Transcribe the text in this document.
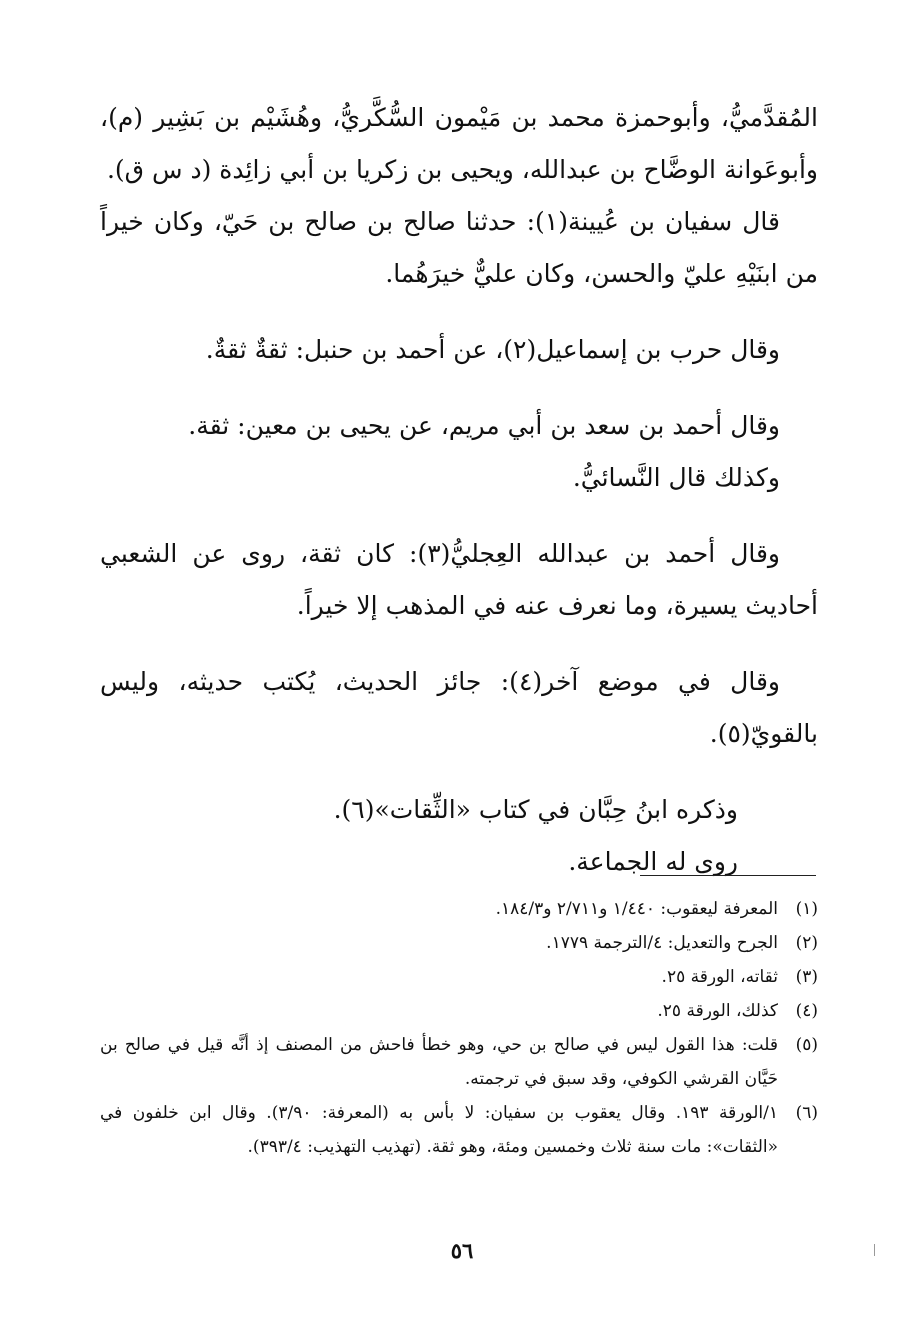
المُقدَّميُّ، وأبوحمزة محمد بن مَيْمون السُّكَّريُّ، وهُشَيْم بن بَشِير (م)، وأبوعَوانة الوضَّاح بن عبدالله، ويحيى بن زكريا بن أبي زائِدة (د س ق).

قال سفيان بن عُيينة(١): حدثنا صالح بن صالح بن حَيّ، وكان خيراً من ابنَيْهِ عليّ والحسن، وكان عليٌّ خيرَهُما.

وقال حرب بن إسماعيل(٢)، عن أحمد بن حنبل: ثقةٌ ثقةٌ.

وقال أحمد بن سعد بن أبي مريم، عن يحيى بن معين: ثقة.

وكذلك قال النَّسائيُّ.

وقال أحمد بن عبدالله العِجليُّ(٣): كان ثقة، روى عن الشعبي أحاديث يسيرة، وما نعرف عنه في المذهب إلا خيراً.

وقال في موضع آخر(٤): جائز الحديث، يُكتب حديثه، وليس بالقويّ(٥).

وذكره ابنُ حِبَّان في كتاب «الثِّقات»(٦).

روى له الجماعة.

(١)
المعرفة ليعقوب: ١/٤٤٠ و٢/٧١١ و١٨٤/٣.
(٢)
الجرح والتعديل: ٤/الترجمة ١٧٧٩.
(٣)
ثقاته، الورقة ٢٥.
(٤)
كذلك، الورقة ٢٥.
(٥)
قلت: هذا القول ليس في صالح بن حي، وهو خطأ فاحش من المصنف إذ أنَّه قيل في صالح بن حَيَّان القرشي الكوفي، وقد سبق في ترجمته.
(٦)
١/الورقة ١٩٣. وقال يعقوب بن سفيان: لا بأس به (المعرفة: ٣/٩٠). وقال ابن خلفون في «الثقات»: مات سنة ثلاث وخمسين ومئة، وهو ثقة. (تهذيب التهذيب: ٣٩٣/٤).
٥٦
